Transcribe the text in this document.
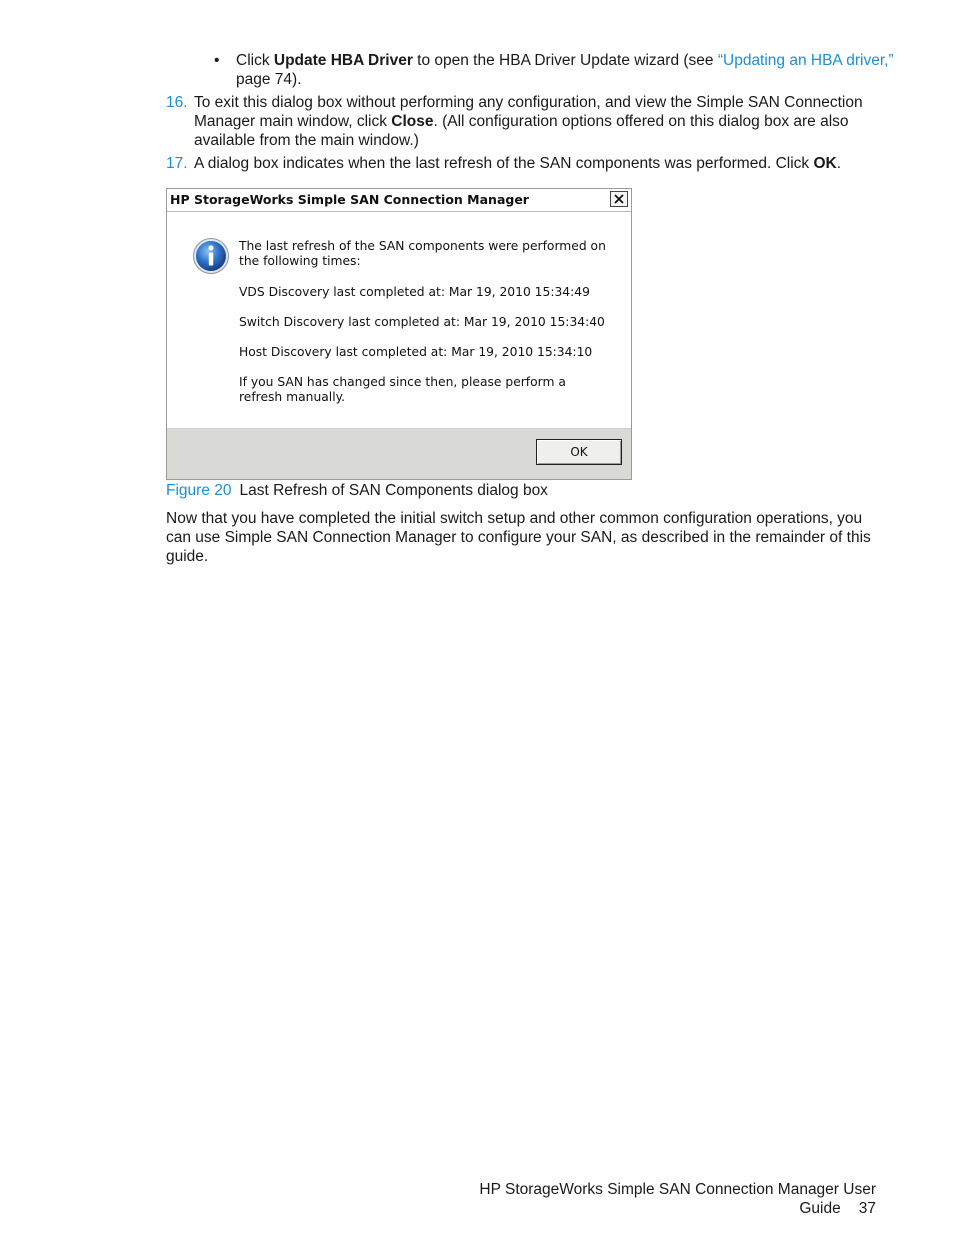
• Click Update HBA Driver to open the HBA Driver Update wizard (see “Updating an HBA driver,” page 74).
16. To exit this dialog box without performing any configuration, and view the Simple SAN Connection Manager main window, click Close. (All configuration options offered on this dialog box are also available from the main window.)
17. A dialog box indicates when the last refresh of the SAN components was performed. Click OK.
HP StorageWorks Simple SAN Connection Manager
The last refresh of the SAN components were performed on the following times:
VDS Discovery last completed at: Mar 19, 2010 15:34:49
Switch Discovery last completed at: Mar 19, 2010 15:34:40
Host Discovery last completed at: Mar 19, 2010 15:34:10
If you SAN has changed since then, please perform a refresh manually.
OK
Figure 20 Last Refresh of SAN Components dialog box
Now that you have completed the initial switch setup and other common configuration operations, you can use Simple SAN Connection Manager to configure your SAN, as described in the remainder of this guide.
HP StorageWorks Simple SAN Connection Manager User Guide 37
